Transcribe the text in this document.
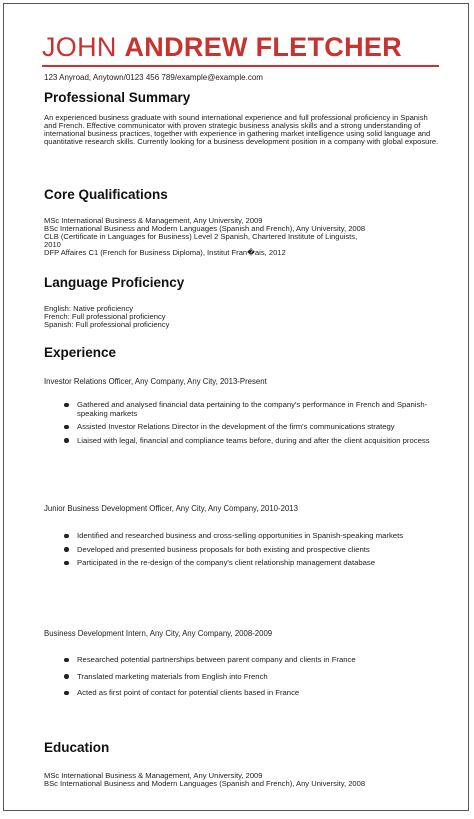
JOHN ANDREW FLETCHER
123 Anyroad, Anytown/0123 456 789/example@example.com
Professional Summary
An experienced business graduate with sound international experience and full professional proficiency in Spanish and French. Effective communicator with proven strategic business analysis skills and a strong understanding of international business practices, together with experience in gathering market intelligence using solid language and quantitative research skills. Currently looking for a business development position in a company with global exposure.
Core Qualifications
MSc International Business & Management, Any University, 2009
BSc International Business and Modern Languages (Spanish and French), Any University, 2008
CLB (Certificate in Languages for Business) Level 2 Spanish, Chartered Institute of Linguists,
2010
DFP Affaires C1 (French for Business Diploma), Institut Fran�ais, 2012
Language Proficiency
English: Native proficiency
French: Full professional proficiency
Spanish: Full professional proficiency
Experience
Investor Relations Officer, Any Company, Any City, 2013-Present
Gathered and analysed financial data pertaining to the company's performance in French and Spanish-speaking markets
Assisted Investor Relations Director in the development of the firm's communications strategy
Liaised with legal, financial and compliance teams before, during and after the client acquisition process
Junior Business Development Officer, Any City, Any Company, 2010-2013
Identified and researched business and cross-selling opportunities in Spanish-speaking markets
Developed and presented business proposals for both existing and prospective clients
Participated in the re-design of the company's client relationship management database
Business Development Intern, Any City, Any Company, 2008-2009
Researched potential partnerships between parent company and clients in France
Translated marketing materials from English into French
Acted as first point of contact for potential clients based in France
Education
MSc International Business & Management, Any University, 2009
BSc International Business and Modern Languages (Spanish and French), Any University, 2008
